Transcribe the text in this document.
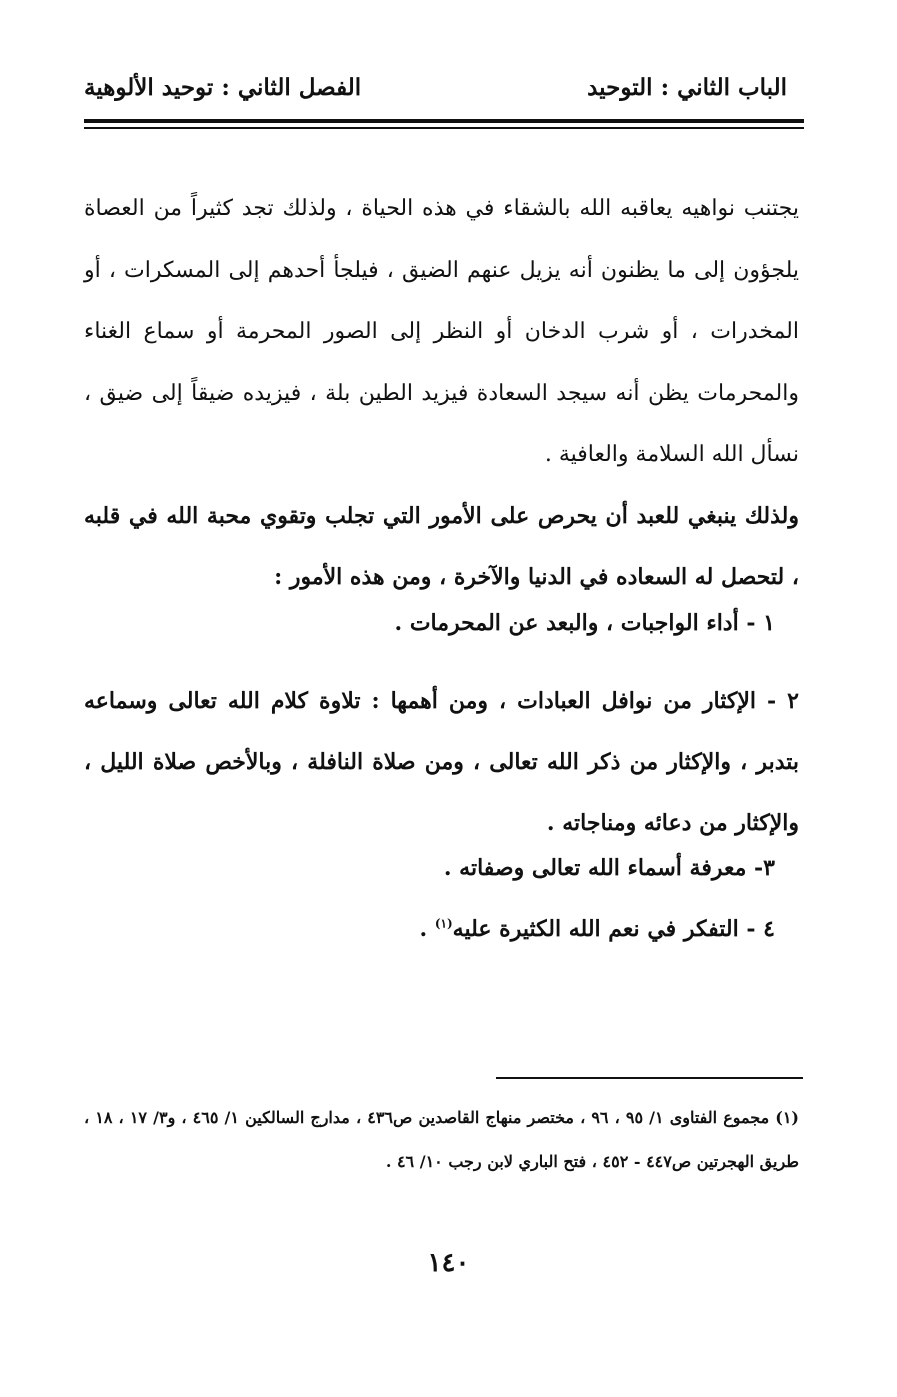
الباب الثاني : التوحيد
الفصل الثاني : توحيد الألوهية

يجتنب نواهيه يعاقبه الله بالشقاء في هذه الحياة ، ولذلك تجد كثيراً من العصاة يلجؤون إلى ما يظنون أنه يزيل عنهم الضيق ، فيلجأ أحدهم إلى المسكرات ، أو المخدرات ، أو شرب الدخان أو النظر إلى الصور المحرمة أو سماع الغناء والمحرمات يظن أنه سيجد السعادة فيزيد الطين بلة ، فيزيده ضيقاً إلى ضيق ، نسأل الله السلامة والعافية .

ولذلك ينبغي للعبد أن يحرص على الأمور التي تجلب وتقوي محبة الله في قلبه ، لتحصل له السعاده في الدنيا والآخرة ، ومن هذه الأمور :

١ - أداء الواجبات ، والبعد عن المحرمات .
٢ - الإكثار من نوافل العبادات ، ومن أهمها : تلاوة كلام الله تعالى وسماعه بتدبر ، والإكثار من ذكر الله تعالى ، ومن صلاة النافلة ، وبالأخص صلاة الليل ، والإكثار من دعائه ومناجاته .
٣- معرفة أسماء الله تعالى وصفاته .
٤ - التفكر في نعم الله الكثيرة عليه$^{(١)}$ .

(١) مجموع الفتاوى ١/ ٩٥ ، ٩٦ ، مختصر منهاج القاصدين ص٤٣٦ ، مدارج السالكين ١/ ٤٦٥ ، و٣/ ١٧ ، ١٨ ، طريق الهجرتين ص٤٤٧ - ٤٥٢ ، فتح الباري لابن رجب ١٠/ ٤٦ .

١٤٠
